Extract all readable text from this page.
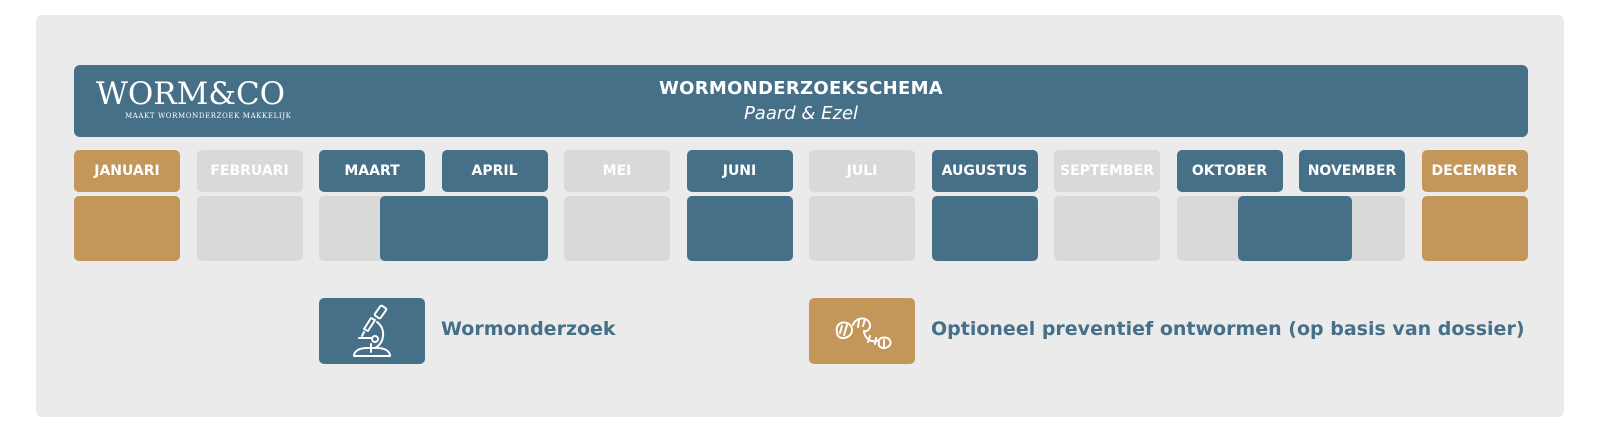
WORM&CO
MAAKT WORMONDERZOEK MAKKELIJK
WORMONDERZOEKSCHEMA
Paard & Ezel
JANUARI	FEBRUARI	MAART	APRIL	MEI	JUNI	JULI	AUGUSTUS	SEPTEMBER	OKTOBER	NOVEMBER	DECEMBER
Wormonderzoek	Optioneel preventief ontwormen (op basis van dossier)
